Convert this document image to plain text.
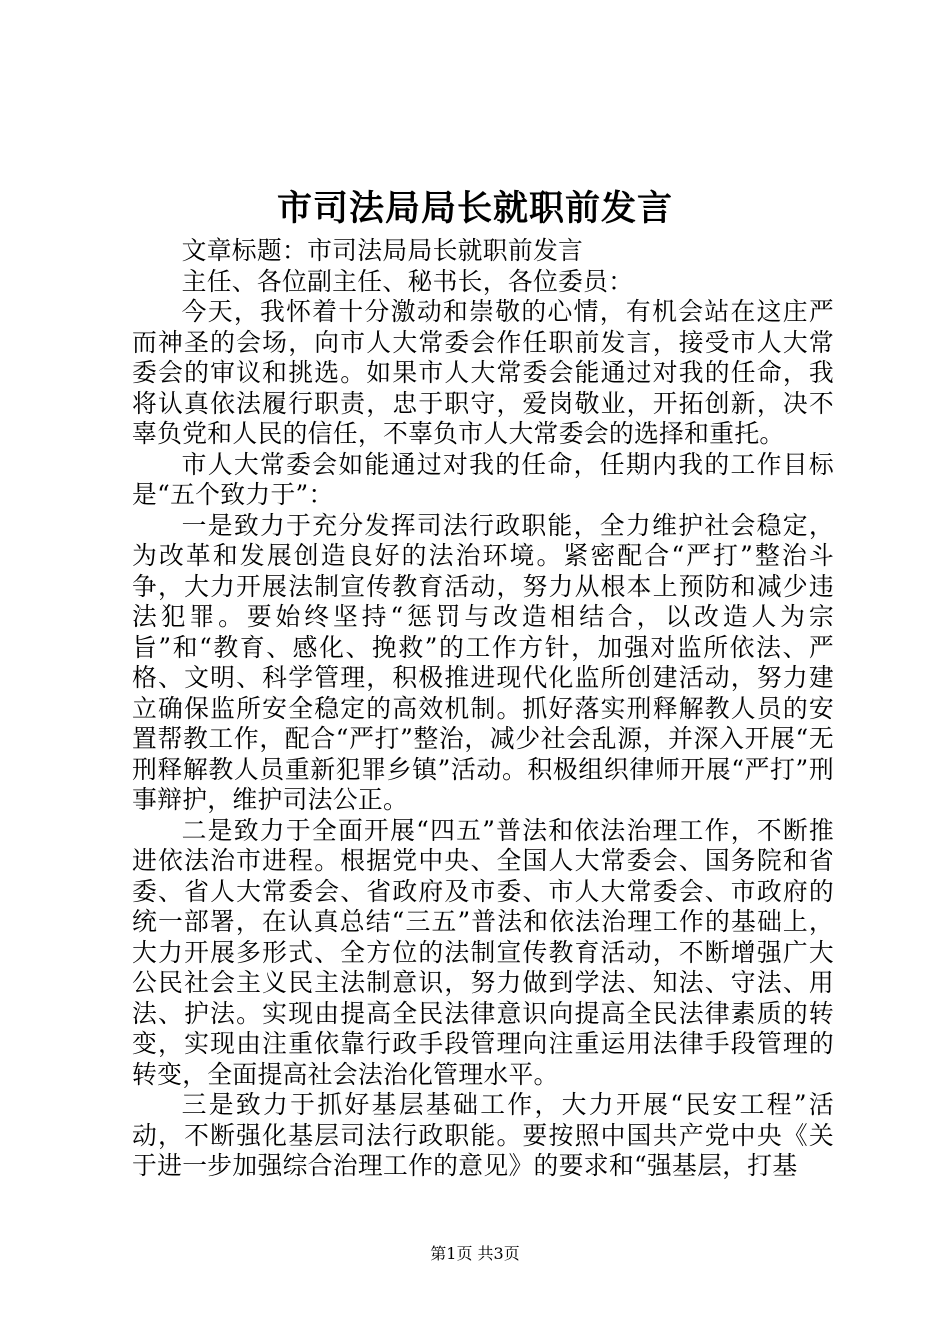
市司法局局长就职前发言

文章标题：市司法局局长就职前发言

主任、各位副主任、秘书长，各位委员：

今天，我怀着十分激动和崇敬的心情，有机会站在这庄严而神圣的会场，向市人大常委会作任职前发言，接受市人大常委会的审议和挑选。如果市人大常委会能通过对我的任命，我将认真依法履行职责，忠于职守，爱岗敬业，开拓创新，决不辜负党和人民的信任，不辜负市人大常委会的选择和重托。

市人大常委会如能通过对我的任命，任期内我的工作目标是“五个致力于”：

一是致力于充分发挥司法行政职能，全力维护社会稳定，为改革和发展创造良好的法治环境。紧密配合“严打”整治斗争，大力开展法制宣传教育活动，努力从根本上预防和减少违法犯罪。要始终坚持“惩罚与改造相结合，以改造人为宗旨”和“教育、感化、挽救”的工作方针，加强对监所依法、严格、文明、科学管理，积极推进现代化监所创建活动，努力建立确保监所安全稳定的高效机制。抓好落实刑释解教人员的安置帮教工作，配合“严打”整治，减少社会乱源，并深入开展“无刑释解教人员重新犯罪乡镇”活动。积极组织律师开展“严打”刑事辩护，维护司法公正。

二是致力于全面开展“四五”普法和依法治理工作，不断推进依法治市进程。根据党中央、全国人大常委会、国务院和省委、省人大常委会、省政府及市委、市人大常委会、市政府的统一部署，在认真总结“三五”普法和依法治理工作的基础上，大力开展多形式、全方位的法制宣传教育活动，不断增强广大公民社会主义民主法制意识，努力做到学法、知法、守法、用法、护法。实现由提高全民法律意识向提高全民法律素质的转变，实现由注重依靠行政手段管理向注重运用法律手段管理的转变，全面提高社会法治化管理水平。

三是致力于抓好基层基础工作，大力开展“民安工程”活动，不断强化基层司法行政职能。要按照中国共产党中央《关于进一步加强综合治理工作的意见》的要求和“强基层，打基

第1页 共3页
